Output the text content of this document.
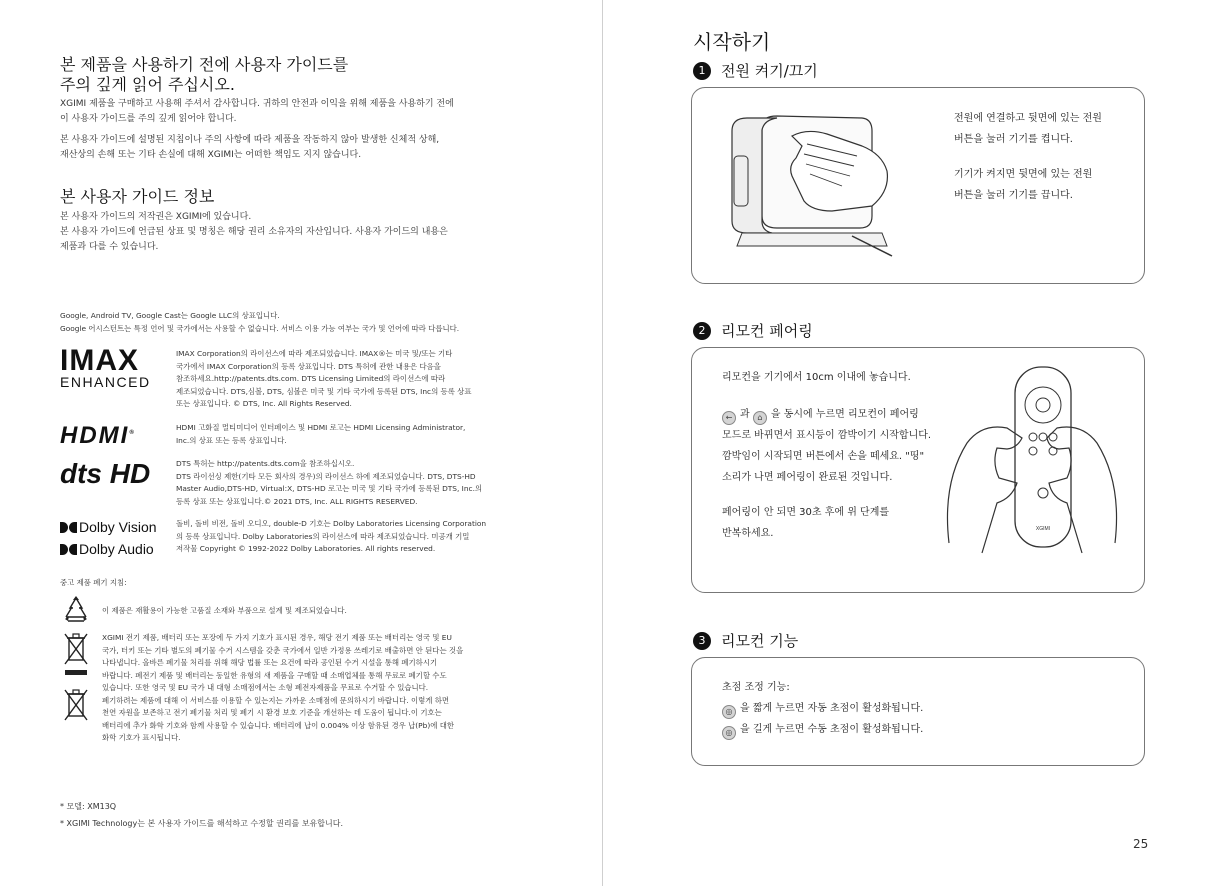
본 제품을 사용하기 전에 사용자 가이드를
주의 깊게 읽어 주십시오.
XGIMI 제품을 구매하고 사용해 주셔서 감사합니다. 귀하의 안전과 이익을 위해 제품을 사용하기 전에
이 사용자 가이드를 주의 깊게 읽어야 합니다.
본 사용자 가이드에 설명된 지침이나 주의 사항에 따라 제품을 작동하지 않아 발생한 신체적 상해,
재산상의 손해 또는 기타 손실에 대해 XGIMI는 어떠한 책임도 지지 않습니다.
본 사용자 가이드 정보
본 사용자 가이드의 저작권은 XGIMI에 있습니다.
본 사용자 가이드에 언급된 상표 및 명칭은 해당 권리 소유자의 자산입니다. 사용자 가이드의 내용은
제품과 다를 수 있습니다.
Google, Android TV, Google Cast는 Google LLC의 상표입니다.
Google 어시스턴트는 특정 언어 및 국가에서는 사용할 수 없습니다. 서비스 이용 가능 여부는 국가 및 언어에 따라 다릅니다.
IMAX
ENHANCED
IMAX Corporation의 라이선스에 따라 제조되었습니다. IMAX®는 미국 및/또는 기타
국가에서 IMAX Corporation의 등록 상표입니다. DTS 특허에 관한 내용은 다음을
참조하세요.http://patents.dts.com. DTS Licensing Limited의 라이선스에 따라
제조되었습니다. DTS,심볼, DTS, 심볼은 미국 및 기타 국가에 등록된 DTS, Inc의 등록 상표
또는 상표입니다. © DTS, Inc. All Rights Reserved.
HDMI®
HDMI 고화질 멀티미디어 인터페이스 및 HDMI 로고는 HDMI Licensing Administrator,
Inc.의 상표 또는 등록 상표입니다.
dts HD	DTS 특허는 http://patents.dts.com을 참조하십시오.
DTS 라이선싱 제한(기타 모든 회사의 경우)의 라이선스 하에 제조되었습니다. DTS, DTS-HD
Master Audio,DTS-HD, Virtual:X, DTS-HD 로고는 미국 및 기타 국가에 등록된 DTS, Inc.의
등록 상표 또는 상표입니다.© 2021 DTS, Inc. ALL RIGHTS RESERVED.
Dolby Vision
Dolby Audio
돌비, 돌비 비전, 돌비 오디오, double-D 기호는 Dolby Laboratories Licensing Corporation
의 등록 상표입니다. Dolby Laboratories의 라이선스에 따라 제조되었습니다. 미공개 기밀
저작물 Copyright © 1992-2022 Dolby Laboratories. All rights reserved.
중고 제품 폐기 지침:
이 제품은 재활용이 가능한 고품질 소재와 부품으로 설계 및 제조되었습니다.
XGIMI 전기 제품, 배터리 또는 포장에 두 가지 기호가 표시된 경우, 해당 전기 제품 또는 배터리는 영국 및 EU
국가, 터키 또는 기타 별도의 폐기물 수거 시스템을 갖춘 국가에서 일반 가정용 쓰레기로 배출하면 안 된다는 것을
나타냅니다. 올바른 폐기물 처리를 위해 해당 법률 또는 요건에 따라 공인된 수거 시설을 통해 폐기하시기
바랍니다. 폐전기 제품 및 배터리는 동일한 유형의 새 제품을 구매할 때 소매업체를 통해 무료로 폐기할 수도
있습니다. 또한 영국 및 EU 국가 내 대형 소매점에서는 소형 폐전자제품을 무료로 수거할 수 있습니다.
폐기하려는 제품에 대해 이 서비스를 이용할 수 있는지는 가까운 소매점에 문의하시기 바랍니다. 이렇게 하면
천연 자원을 보존하고 전기 폐기물 처리 및 폐기 시 환경 보호 기준을 개선하는 데 도움이 됩니다.이 기호는
배터리에 추가 화학 기호와 함께 사용할 수 있습니다. 배터리에 납이 0.004% 이상 함유된 경우 납(Pb)에 대한
화학 기호가 표시됩니다.
* 모델: XM13Q
* XGIMI Technology는 본 사용자 가이드를 해석하고 수정할 권리를 보유합니다.
시작하기
1	전원 켜기/끄기
전원에 연결하고 뒷면에 있는 전원
버튼을 눌러 기기를 켭니다.
기기가 켜지면 뒷면에 있는 전원
버튼을 눌러 기기를 끕니다.
2	리모컨 페어링
리모컨을 기기에서 10cm 이내에 놓습니다.
← 과 ⌂ 을 동시에 누르면 리모컨이 페어링
모드로 바뀌면서 표시등이 깜박이기 시작합니다.
깜박임이 시작되면 버튼에서 손을 떼세요. "띵"
소리가 나면 페어링이 완료된 것입니다.
페어링이 안 되면 30초 후에 위 단계를
반복하세요.	XGIMI
3	리모컨 기능
초점 조정 기능:
◎ 을 짧게 누르면 자동 초점이 활성화됩니다.
◎ 을 길게 누르면 수동 초점이 활성화됩니다.
25
